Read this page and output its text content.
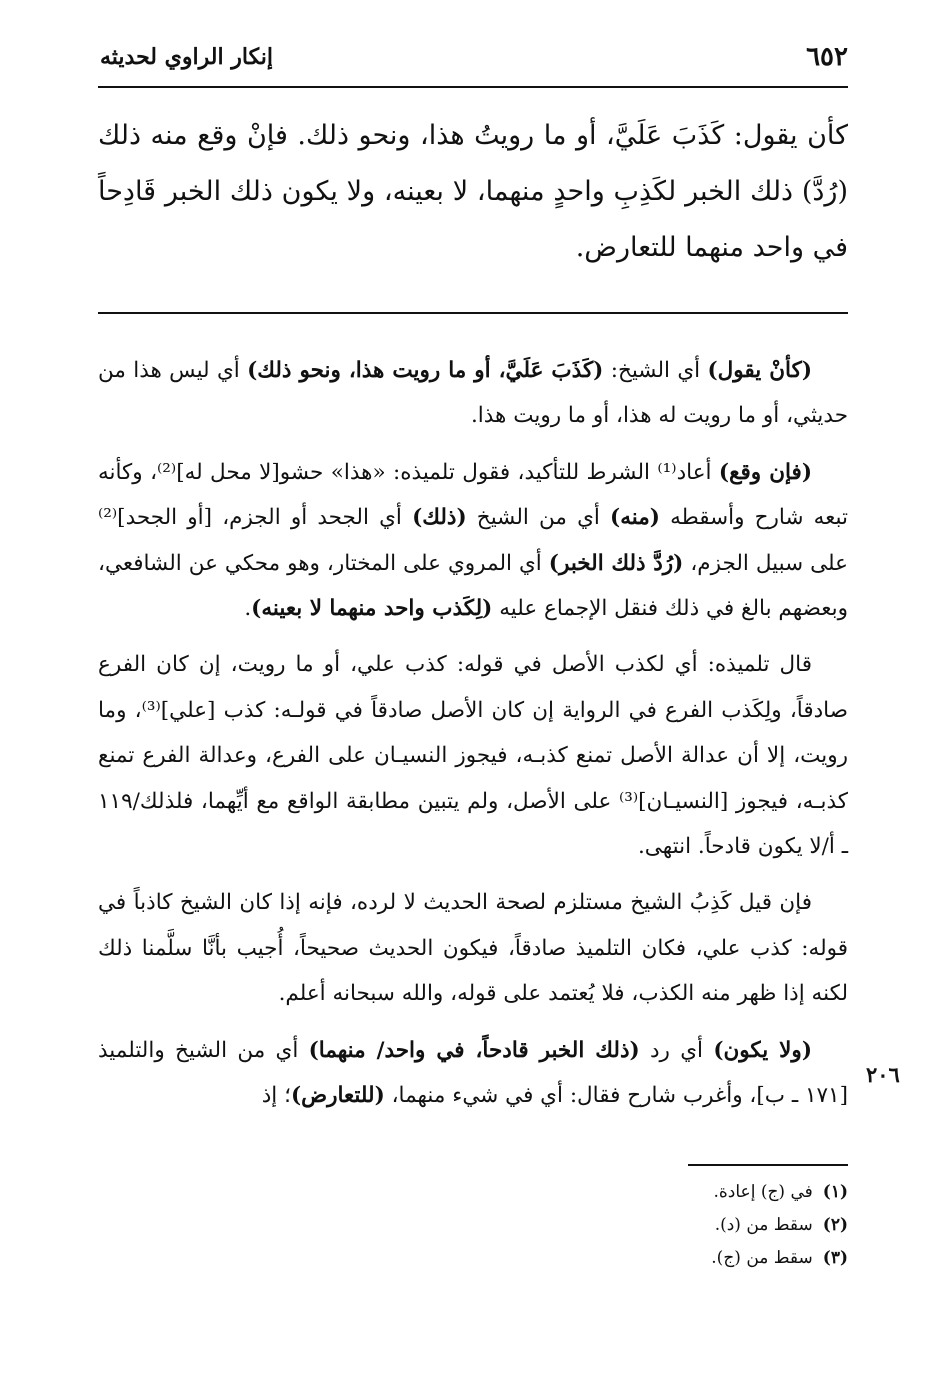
٦٥٢
إنكار الراوي لحديثه
كأن يقول: كَذَبَ عَلَيَّ، أو ما رويتُ هذا، ونحو ذلك. فإنْ وقع منه ذلك (رُدَّ) ذلك الخبر لكَذِبِ واحدٍ منهما، لا بعينه، ولا يكون ذلك الخبر قَادِحاً في واحد منهما للتعارض.

(كأنْ يقول) أي الشيخ: (كَذَبَ عَلَيَّ، أو ما رويت هذا، ونحو ذلك) أي ليس هذا من حديثي، أو ما رويت له هذا، أو ما رويت هذا.

(فإن وقع) أعاد⁽¹⁾ الشرط للتأكيد، فقول تلميذه: «هذا» حشو[لا محل له]⁽²⁾، وكأنه تبعه شارح وأسقطه (منه) أي من الشيخ (ذلك) أي الجحد أو الجزم، [أو الجحد]⁽²⁾ على سبيل الجزم، (رُدَّ ذلك الخبر) أي المروي على المختار، وهو محكي عن الشافعي، وبعضهم بالغ في ذلك فنقل الإجماع عليه (لِكَذب واحد منهما لا بعينه).

قال تلميذه: أي لكذب الأصل في قوله: كذب علي، أو ما رويت، إن كان الفرع صادقاً، ولِكَذب الفرع في الرواية إن كان الأصل صادقاً في قولـه: كذب [علي]⁽³⁾، وما رويت، إلا أن عدالة الأصل تمنع كذبـه، فيجوز النسيـان على الفرع، وعدالة الفرع تمنع كذبـه، فيجوز [النسيـان]⁽³⁾ على الأصل، ولم يتبين مطابقة الواقع مع أيِّهما، فلذلك/١١٩ ـ أ/لا يكون قادحاً. انتهى.

فإن قيل كَذِبُ الشيخ مستلزم لصحة الحديث لا لرده، فإنه إذا كان الشيخ كاذباً في قوله: كذب علي، فكان التلميذ صادقاً، فيكون الحديث صحيحاً، أُجيب بأنَّا سلَّمنا ذلك لكنه إذا ظهر منه الكذب، فلا يُعتمد على قوله، والله سبحانه أعلم.

(ولا يكون) أي رد (ذلك الخبر قادحاً، في واحد/ منهما) أي من الشيخ والتلميذ [١٧١ ـ ب]، وأغرب شارح فقال: أي في شيء منهما، (للتعارض)؛ إذ

٢٠٦
(١)في (ج) إعادة.
(٢)سقط من (د).
(٣)سقط من (ج).
